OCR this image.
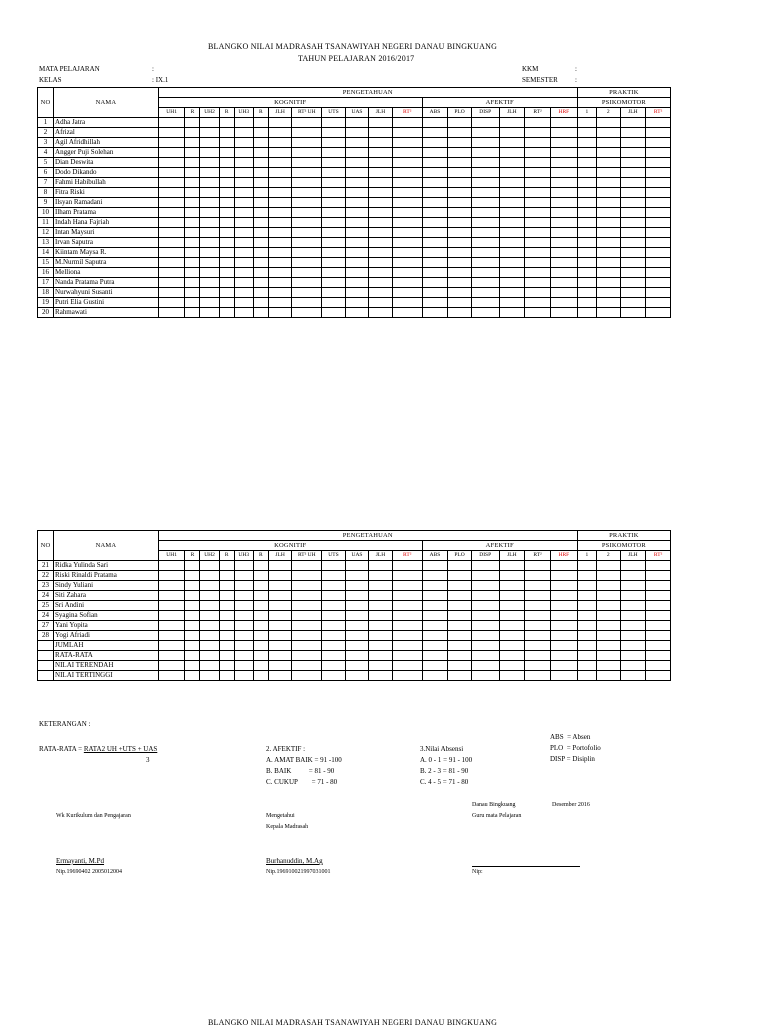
BLANGKO NILAI MADRASAH TSANAWIYAH NEGERI DANAU BINGKUANG
TAHUN PELAJARAN 2016/2017
MATA PELAJARAN	:
KELAS	: IX.1
KKM	:
SEMESTER :
NO	NAMA	PENGETAHUAN																		PRAKTIK			
		KOGNITIF												AFEKTIF						PSIKOMOTOR			
		UH1	R	UH2	R	UH3	R	JLH	RT² UH	UTS	UAS	JLH	RT²	ABS	PLO	DISP	JLH	RT²	HRF	1	2	JLH	RT²
1	Adha Jatra																						
2	Afrizal																						
3	Agil Afridhillah																						
4	Angger Puji Solehan																						
5	Dian Deswita																						
6	Dodo Dikando																						
7	Fahmi Habibullah																						
8	Fitra Riski																						
9	Ilsyan Ramadani																						
10	Ilham Pratama																						
11	Indah Hana Fajriah																						
12	Intan Maysuri																						
13	Irvan Saputra																						
14	Kiintam Maysa R.																						
15	M.Nurmil Saputra																						
16	Melliona																						
17	Nanda Pratama Putra																						
18	Nurwahyuni Susanti																						
19	Putri Elia Gustini																						
20	Rahmawati																						
NO	NAMA	PENGETAHUAN																		PRAKTIK			
		KOGNITIF												AFEKTIF						PSIKOMOTOR			
		UH1	R	UH2	R	UH3	R	JLH	RT² UH	UTS	UAS	JLH	RT²	ABS	PLO	DISP	JLH	RT²	HRF	1	2	JLH	RT²
21	Ridka Yulinda Sari																						
22	Riski Rinaldi Pratama																						
23	Sindy Yuliani																						
24	Siti Zahara																						
25	Sri Andini																						
24	Syagina Sofian																						
27	Yani Yopita																						
28	Yogi Afriadi																						
	JUMLAH																						
	RATA-RATA																						
	NILAI TERENDAH																						
	NILAI TERTINGGI																						
KETERANGAN :
RATA-RATA = RATA2 UH +UTS + UAS
3
2. AFEKTIF :
A. AMAT BAIK = 91 -100
B. BAIK          = 81 - 90
C. CUKUP        = 71 - 80
3.Nilai Absensi
A. 0 - 1 = 91 - 100
B. 2 - 3 = 81 - 90
C. 4 - 5 = 71 - 80
ABS  = Absen
PLO  = Portofolio
DISP = Disiplin
Danau Bingkuang	Desember 2016
Guru mata Pelajaran
Wk Kurikulum dan Pengajaran	Mengetahui
Kepala Madrasah
Ermayanti, M.Pd
Nip.19690402 2005012004
Burhanuddin, M.Ag
Nip.196910021997031001	Nip:
BLANGKO NILAI MADRASAH TSANAWIYAH NEGERI DANAU BINGKUANG
